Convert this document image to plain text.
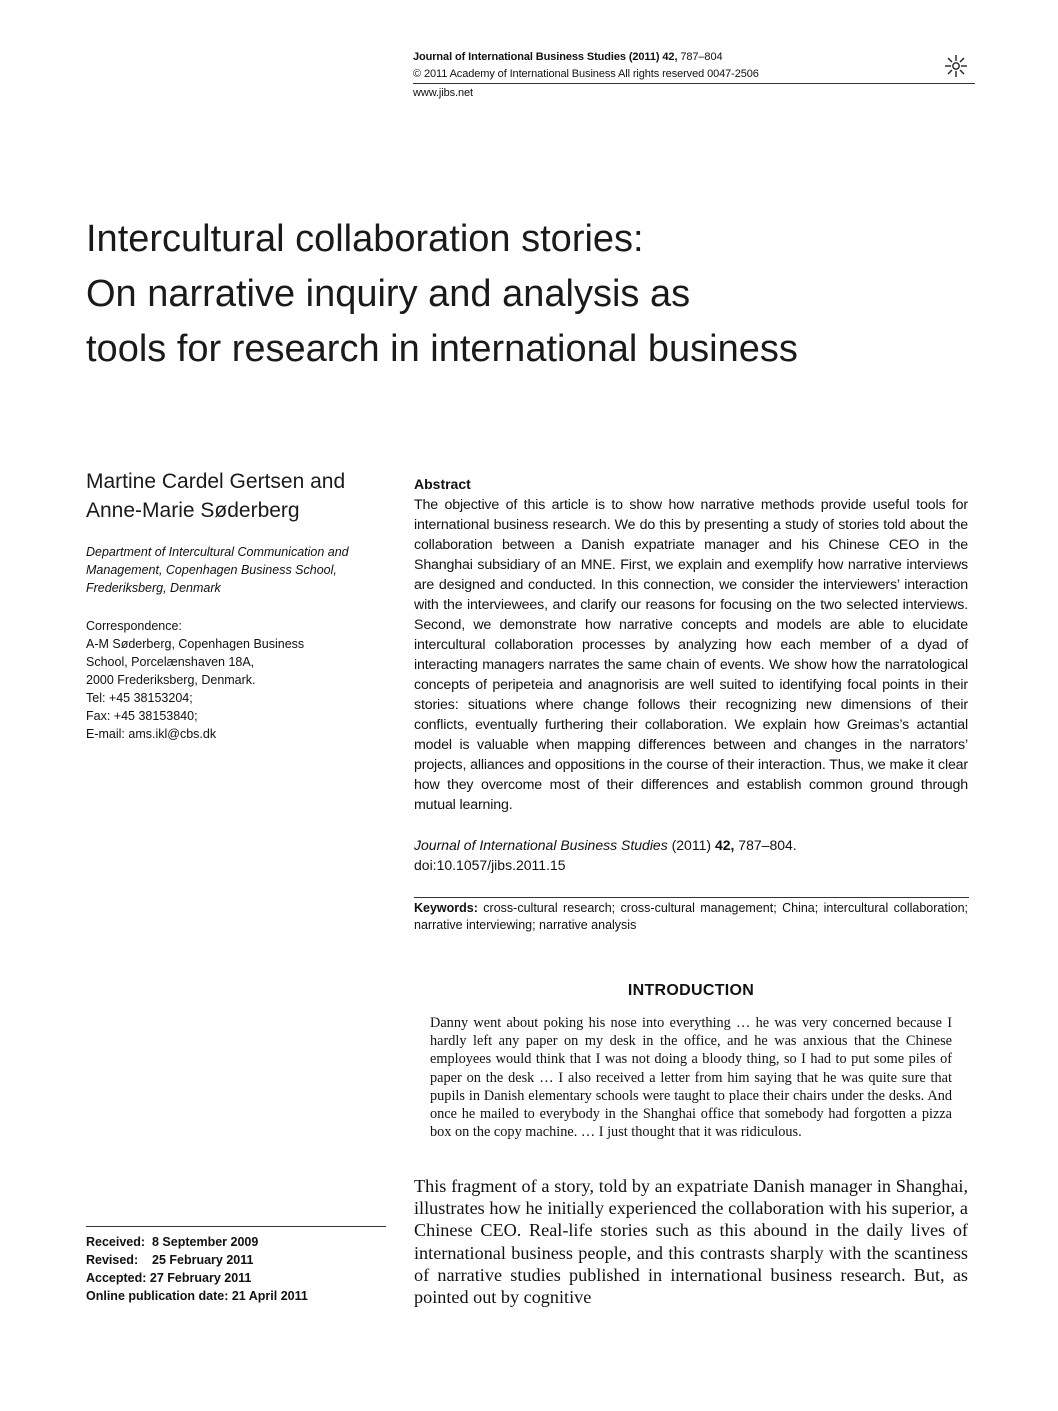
Journal of International Business Studies (2011) 42, 787–804
© 2011 Academy of International Business All rights reserved 0047-2506
www.jibs.net
Intercultural collaboration stories:
On narrative inquiry and analysis as
tools for research in international business
Martine Cardel Gertsen and
Anne-Marie Søderberg
Department of Intercultural Communication and
Management, Copenhagen Business School,
Frederiksberg, Denmark
Correspondence:
A-M Søderberg, Copenhagen Business
School, Porcelænshaven 18A,
2000 Frederiksberg, Denmark.
Tel: +45 38153204;
Fax: +45 38153840;
E-mail: ams.ikl@cbs.dk
Received:  8 September 2009
Revised:    25 February 2011
Accepted: 27 February 2011
Online publication date: 21 April 2011
Abstract
The objective of this article is to show how narrative methods provide useful tools for international business research. We do this by presenting a study of stories told about the collaboration between a Danish expatriate manager and his Chinese CEO in the Shanghai subsidiary of an MNE. First, we explain and exemplify how narrative interviews are designed and conducted. In this connection, we consider the interviewers’ interaction with the interviewees, and clarify our reasons for focusing on the two selected interviews. Second, we demonstrate how narrative concepts and models are able to elucidate intercultural collaboration processes by analyzing how each member of a dyad of interacting managers narrates the same chain of events. We show how the narratological concepts of peripeteia and anagnorisis are well suited to identifying focal points in their stories: situations where change follows their recognizing new dimensions of their conflicts, eventually furthering their collaboration. We explain how Greimas’s actantial model is valuable when mapping differences between and changes in the narrators’ projects, alliances and oppositions in the course of their interaction. Thus, we make it clear how they overcome most of their differences and establish common ground through mutual learning.
Journal of International Business Studies (2011) 42, 787–804.
doi:10.1057/jibs.2011.15
Keywords: cross-cultural research; cross-cultural management; China; intercultural collaboration; narrative interviewing; narrative analysis
INTRODUCTION
Danny went about poking his nose into everything … he was very concerned because I hardly left any paper on my desk in the office, and he was anxious that the Chinese employees would think that I was not doing a bloody thing, so I had to put some piles of paper on the desk … I also received a letter from him saying that he was quite sure that pupils in Danish elementary schools were taught to place their chairs under the desks. And once he mailed to everybody in the Shanghai office that somebody had forgotten a pizza box on the copy machine. … I just thought that it was ridiculous.
This fragment of a story, told by an expatriate Danish manager in Shanghai, illustrates how he initially experienced the collaboration with his superior, a Chinese CEO. Real-life stories such as this abound in the daily lives of international business people, and this contrasts sharply with the scantiness of narrative studies published in international business research. But, as pointed out by cognitive
